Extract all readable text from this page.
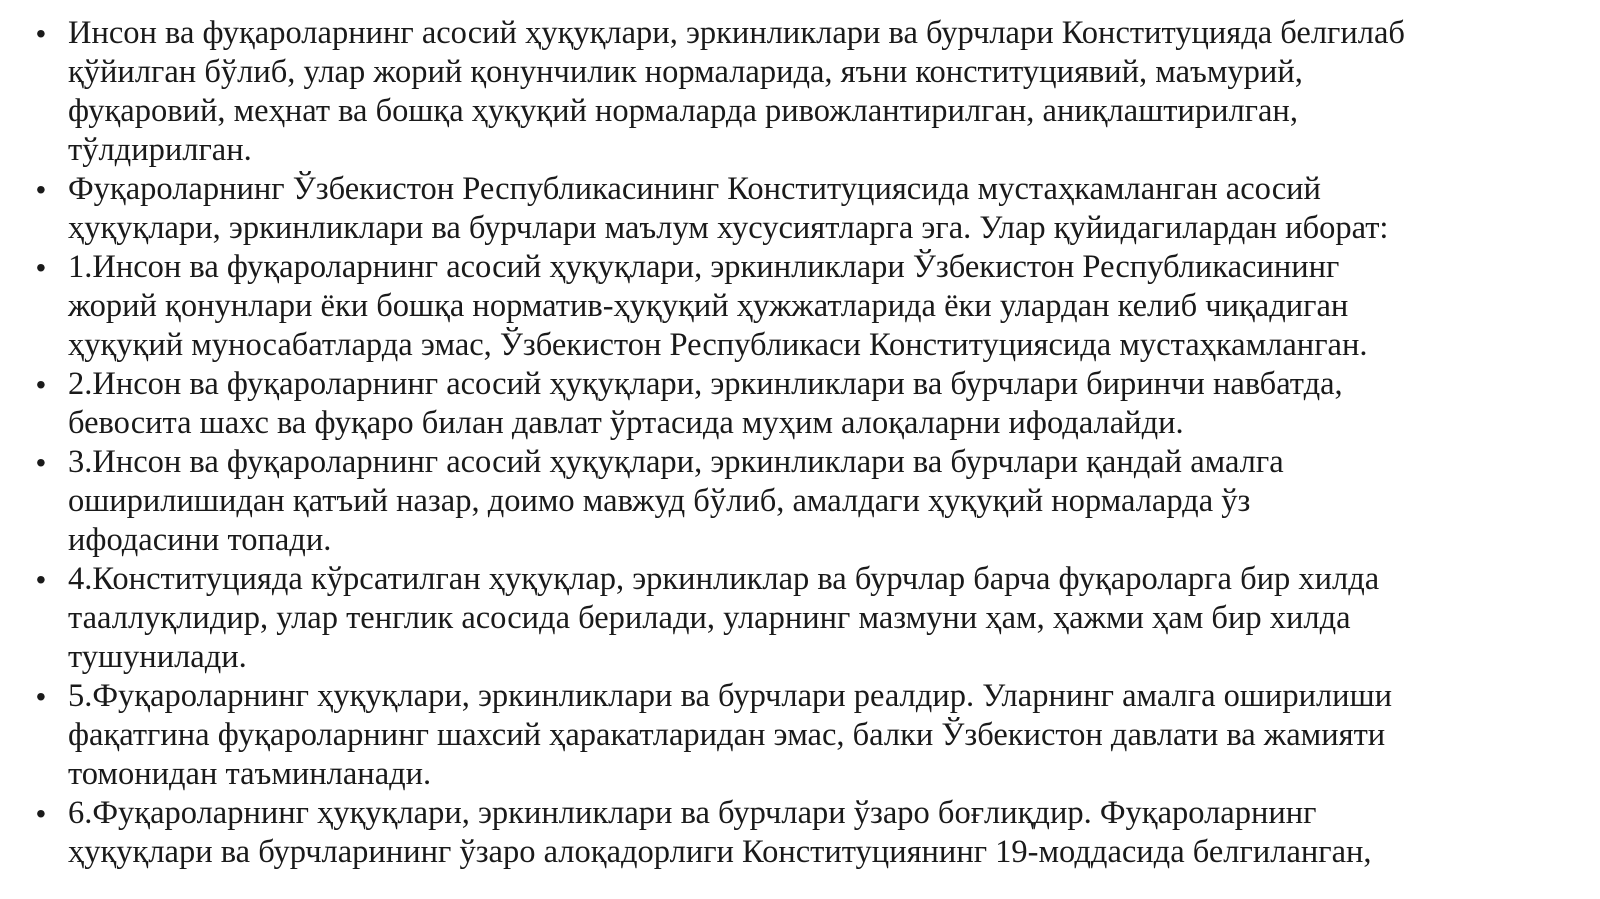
• Инсон ва фуқароларнинг асосий ҳуқуқлари, эркинликлари ва бурчлари Конституцияда белгилаб
қўйилган бўлиб, улар жорий қонунчилик нормаларида, яъни конституциявий, маъмурий,
фуқаровий, меҳнат ва бошқа ҳуқуқий нормаларда ривожлантирилган, аниқлаштирилган,
тўлдирилган.
• Фуқароларнинг Ўзбекистон Республикасининг Конституциясида мустаҳкамланган асосий
ҳуқуқлари, эркинликлари ва бурчлари маълум хусусиятларга эга. Улар қуйидагилардан иборат:
• 1.Инсон ва фуқароларнинг асосий ҳуқуқлари, эркинликлари Ўзбекистон Республикасининг
жорий қонунлари ёки бошқа норматив-ҳуқуқий ҳужжатларида ёки улардан келиб чиқадиган
ҳуқуқий муносабатларда эмас, Ўзбекистон Республикаси Конституциясида мустаҳкамланган.
• 2.Инсон ва фуқароларнинг асосий ҳуқуқлари, эркинликлари ва бурчлари биринчи навбатда,
бевосита шахс ва фуқаро билан давлат ўртасида муҳим алоқаларни ифодалайди.
• 3.Инсон ва фуқароларнинг асосий ҳуқуқлари, эркинликлари ва бурчлари қандай амалга
оширилишидан қатъий назар, доимо мавжуд бўлиб, амалдаги ҳуқуқий нормаларда ўз
ифодасини топади.
• 4.Конституцияда кўрсатилган ҳуқуқлар, эркинликлар ва бурчлар барча фуқароларга бир хилда
тааллуқлидир, улар тенглик асосида берилади, уларнинг мазмуни ҳам, ҳажми ҳам бир хилда
тушунилади.
• 5.Фуқароларнинг ҳуқуқлари, эркинликлари ва бурчлари реалдир. Уларнинг амалга оширилиши
фақатгина фуқароларнинг шахсий ҳаракатларидан эмас, балки Ўзбекистон давлати ва жамияти
томонидан таъминланади.
• 6.Фуқароларнинг ҳуқуқлари, эркинликлари ва бурчлари ўзаро боғлиқдир. Фуқароларнинг
ҳуқуқлари ва бурчларининг ўзаро алоқадорлиги Конституциянинг 19-моддасида белгиланган,
